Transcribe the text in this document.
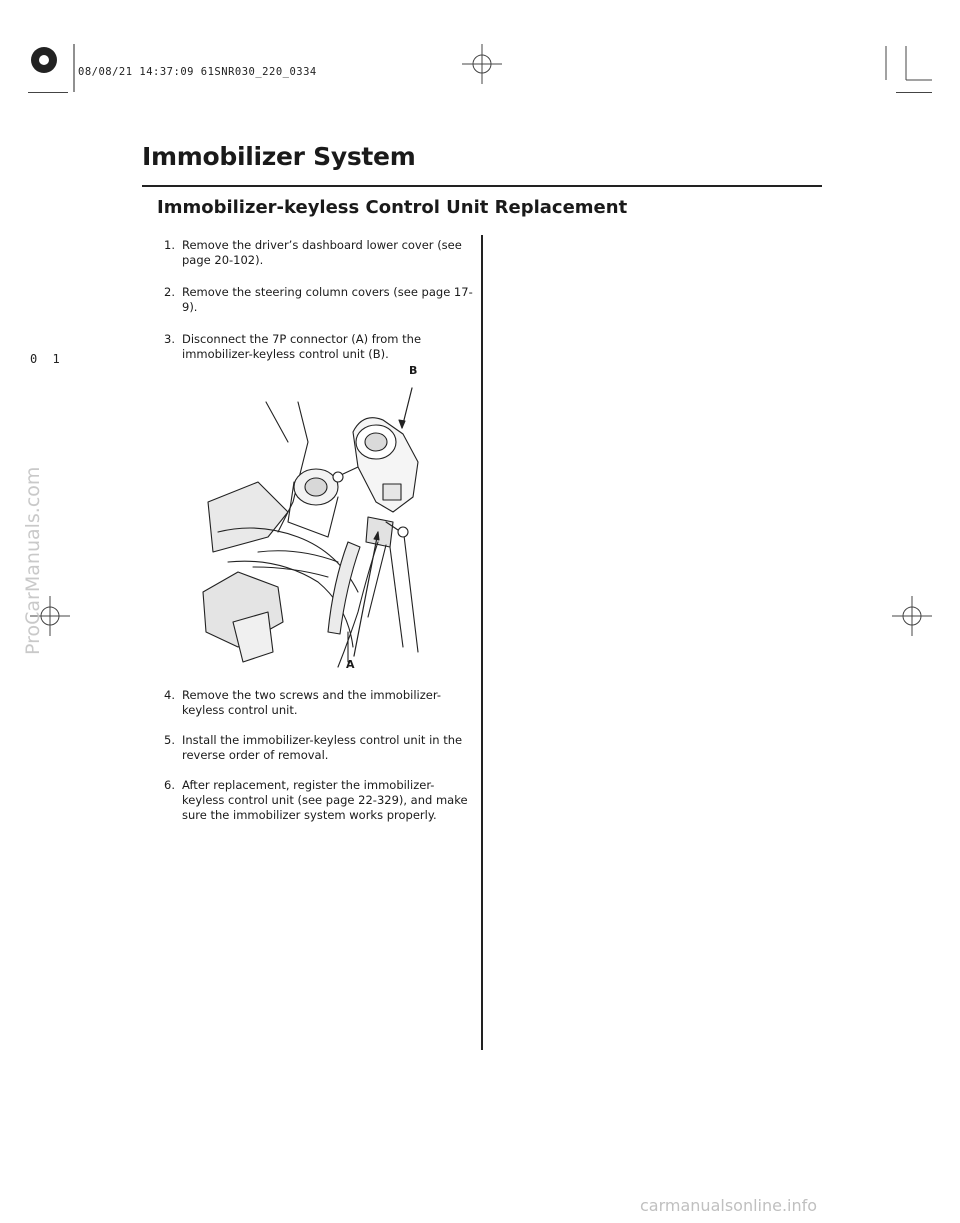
08/08/21 14:37:09 61SNR030_220_0334
0 1
ProCarManuals.com
Immobilizer System
Immobilizer-keyless Control Unit Replacement
1. Remove the driver’s dashboard lower cover (see page 20-102).
2. Remove the steering column covers (see page 17-9).
3. Disconnect the 7P connector (A) from the immobilizer-keyless control unit (B).
4. Remove the two screws and the immobilizer-keyless control unit.
5. Install the immobilizer-keyless control unit in the reverse order of removal.
6. After replacement, register the immobilizer-keyless control unit (see page 22-329), and make sure the immobilizer system works properly.
B
A
carmanualsonline.info
